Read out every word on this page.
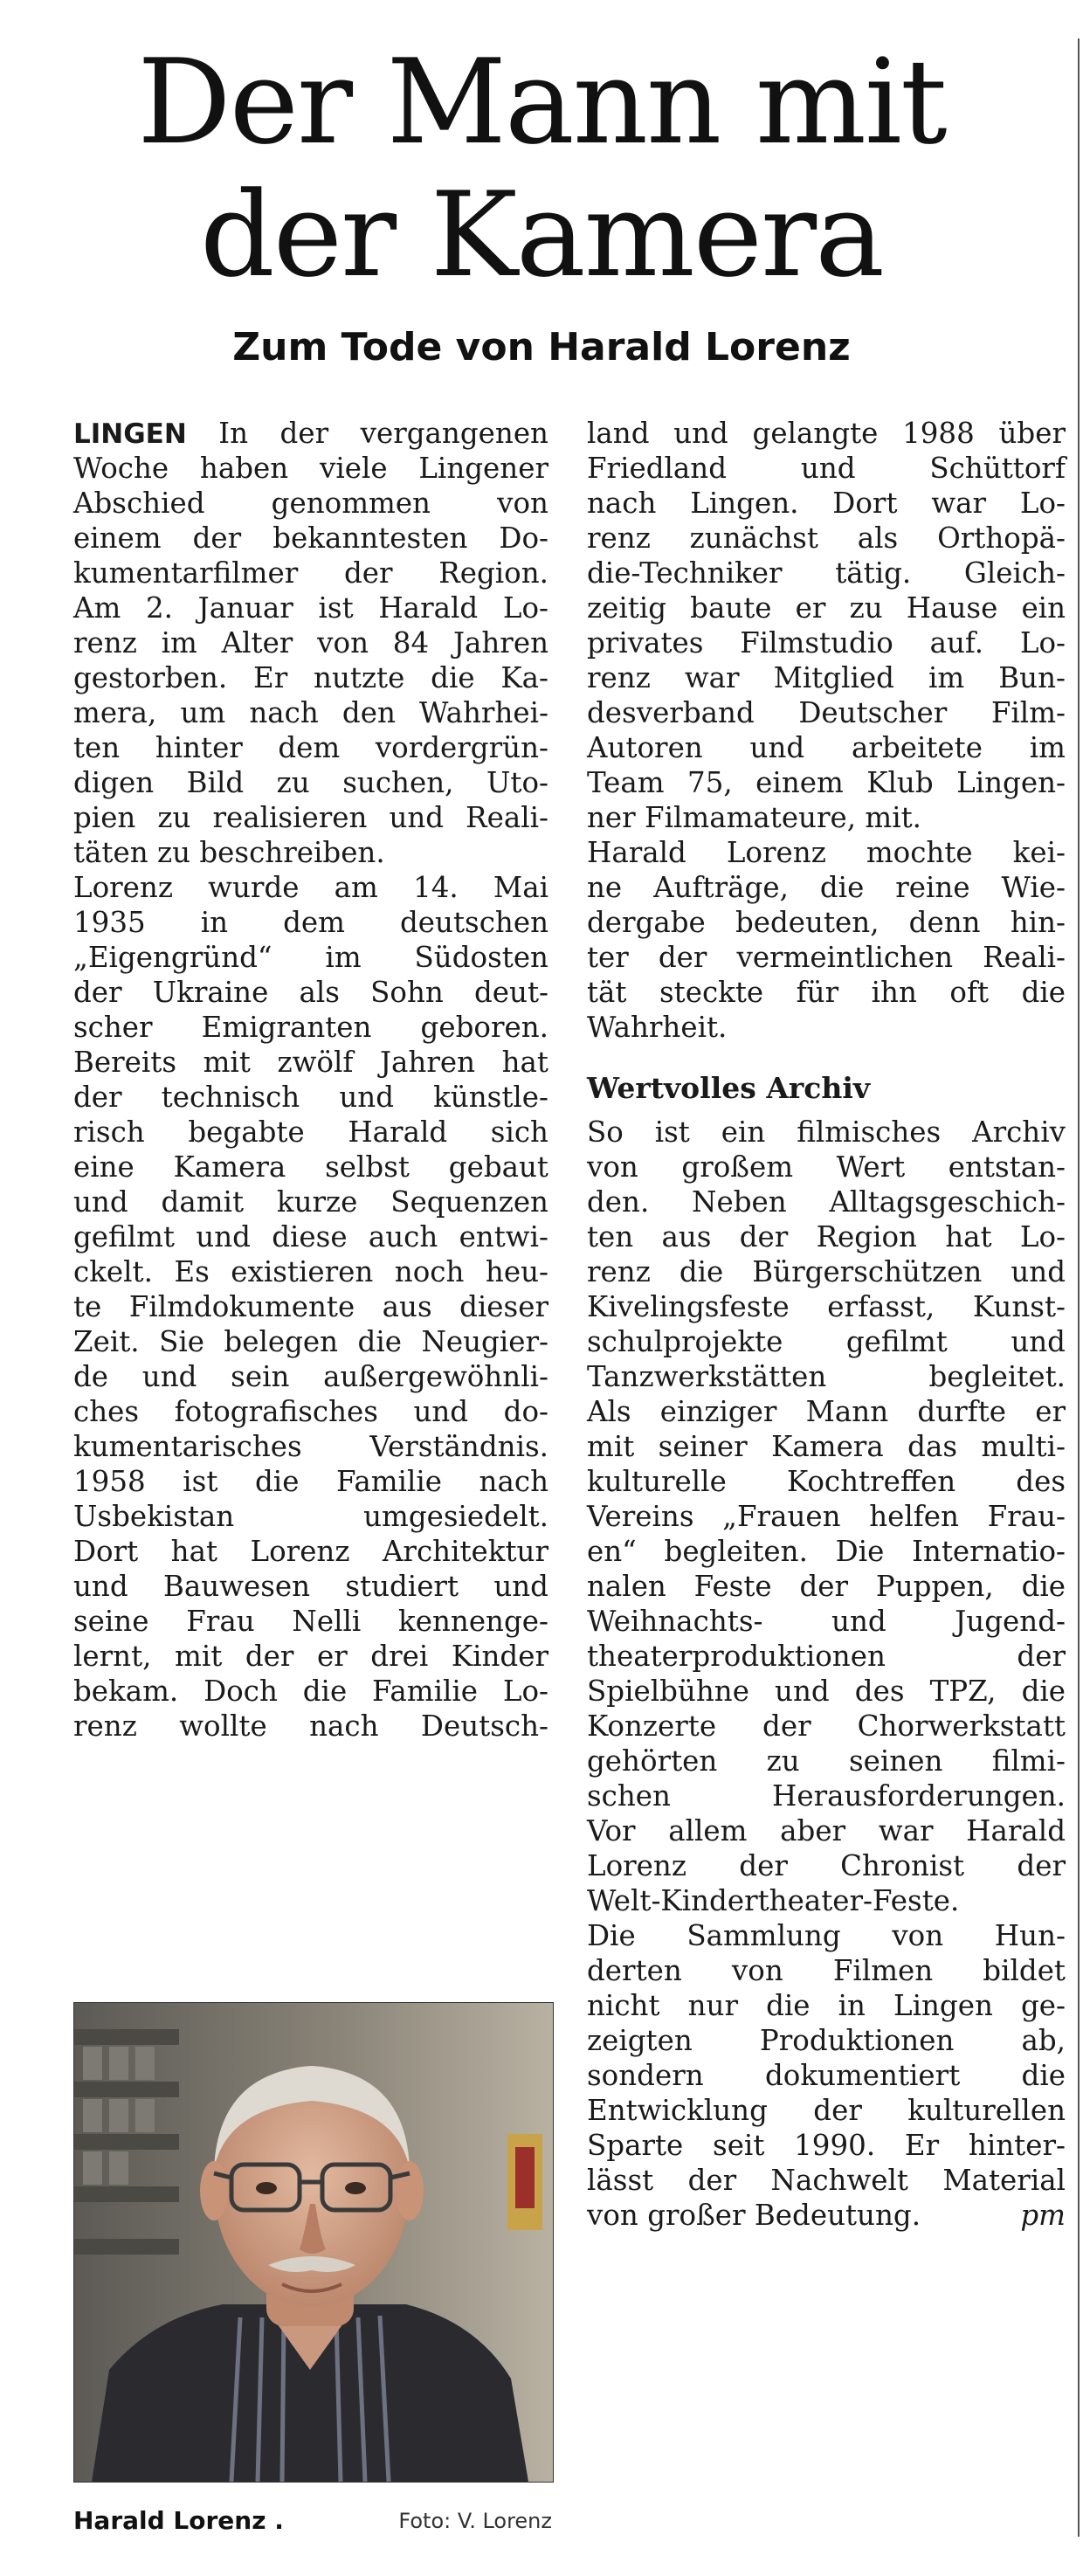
Der Mann mit
der Kamera
Zum Tode von Harald Lorenz
LINGEN In der vergangenen
Woche haben viele Lingener
Abschied genommen von
einem der bekanntesten Do-
kumentarfilmer der Region.
Am 2. Januar ist Harald Lo-
renz im Alter von 84 Jahren
gestorben. Er nutzte die Ka-
mera, um nach den Wahrhei-
ten hinter dem vordergrün-
digen Bild zu suchen, Uto-
pien zu realisieren und Reali-
täten zu beschreiben.
Lorenz wurde am 14. Mai
1935 in dem deutschen
„Eigengründ“ im Südosten
der Ukraine als Sohn deut-
scher Emigranten geboren.
Bereits mit zwölf Jahren hat
der technisch und künstle-
risch begabte Harald sich
eine Kamera selbst gebaut
und damit kurze Sequenzen
gefilmt und diese auch entwi-
ckelt. Es existieren noch heu-
te Filmdokumente aus dieser
Zeit. Sie belegen die Neugier-
de und sein außergewöhnli-
ches fotografisches und do-
kumentarisches Verständnis.
1958 ist die Familie nach
Usbekistan umgesiedelt.
Dort hat Lorenz Architektur
und Bauwesen studiert und
seine Frau Nelli kennenge-
lernt, mit der er drei Kinder
bekam. Doch die Familie Lo-
renz wollte nach Deutsch-
land und gelangte 1988 über
Friedland und Schüttorf
nach Lingen. Dort war Lo-
renz zunächst als Orthopä-
die-Techniker tätig. Gleich-
zeitig baute er zu Hause ein
privates Filmstudio auf. Lo-
renz war Mitglied im Bun-
desverband Deutscher Film-
Autoren und arbeitete im
Team 75, einem Klub Lingen-
ner Filmamateure, mit.
Harald Lorenz mochte kei-
ne Aufträge, die reine Wie-
dergabe bedeuten, denn hin-
ter der vermeintlichen Reali-
tät steckte für ihn oft die
Wahrheit.
Wertvolles Archiv
So ist ein filmisches Archiv
von großem Wert entstan-
den. Neben Alltagsgeschich-
ten aus der Region hat Lo-
renz die Bürgerschützen und
Kivelingsfeste erfasst, Kunst-
schulprojekte gefilmt und
Tanzwerkstätten begleitet.
Als einziger Mann durfte er
mit seiner Kamera das multi-
kulturelle Kochtreffen des
Vereins „Frauen helfen Frau-
en“ begleiten. Die Internatio-
nalen Feste der Puppen, die
Weihnachts- und Jugend-
theaterproduktionen der
Spielbühne und des TPZ, die
Konzerte der Chorwerkstatt
gehörten zu seinen filmi-
schen Herausforderungen.
Vor allem aber war Harald
Lorenz der Chronist der
Welt-Kindertheater-Feste.
Die Sammlung von Hun-
derten von Filmen bildet
nicht nur die in Lingen ge-
zeigten Produktionen ab,
sondern dokumentiert die
Entwicklung der kulturellen
Sparte seit 1990. Er hinter-
lässt der Nachwelt Material
von großer Bedeutung.	pm
Harald Lorenz .	Foto: V. Lorenz
